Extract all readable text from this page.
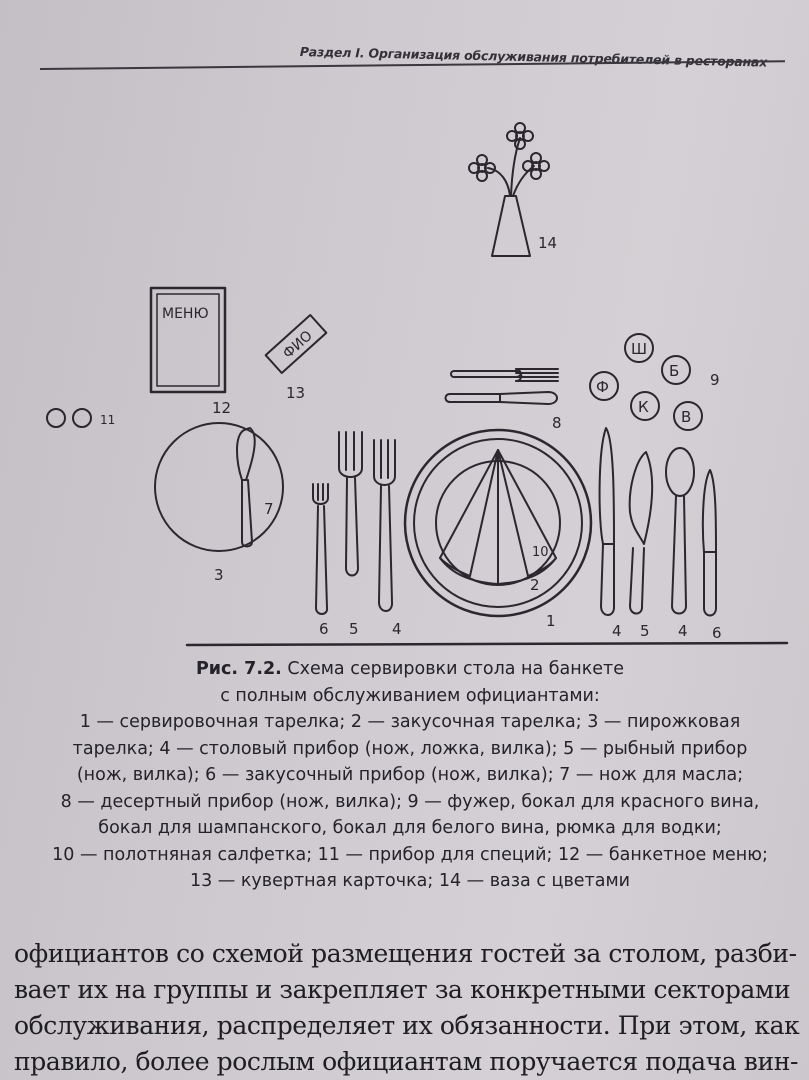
Раздел I. Организация обслуживания потребителей в ресторанах
14
МЕНЮ
12
ФИО
13
11
7
3
8
Ш
Б
Ф
К
В
9
10
2
1
6 5 4	4 5 4 6
Рис. 7.2. Схема сервировки стола на банкете
с полным обслуживанием официантами:
1 — сервировочная тарелка; 2 — закусочная тарелка; 3 — пирожковая
тарелка; 4 — столовый прибор (нож, ложка, вилка); 5 — рыбный прибор
(нож, вилка); 6 — закусочный прибор (нож, вилка); 7 — нож для масла;
8 — десертный прибор (нож, вилка); 9 — фужер, бокал для красного вина,
бокал для шампанского, бокал для белого вина, рюмка для водки;
10 — полотняная салфетка; 11 — прибор для специй; 12 — банкетное меню;
13 — кувертная карточка; 14 — ваза с цветами
официантов со схемой размещения гостей за столом, разби-
вает их на группы и закрепляет за конкретными секторами
обслуживания, распределяет их обязанности. При этом, как
правило, более рослым официантам поручается подача вин-
